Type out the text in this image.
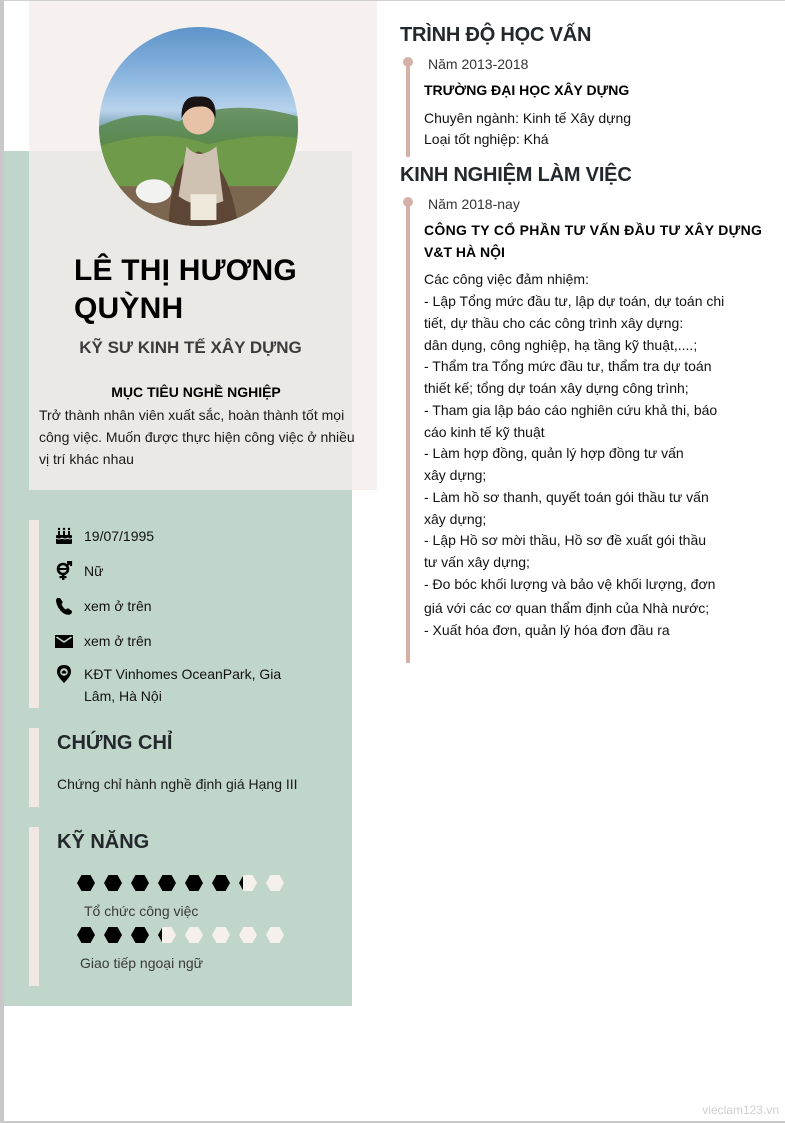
LÊ THỊ HƯƠNG QUỲNH
KỸ SƯ KINH TẾ XÂY DỰNG
MỤC TIÊU NGHỀ NGHIỆP
Trở thành nhân viên xuất sắc, hoàn thành tốt mọi công việc. Muốn được thực hiện công việc ở nhiều vị trí khác nhau
19/07/1995
Nữ
xem ở trên
xem ở trên
KĐT Vinhomes OceanPark, Gia Lâm, Hà Nội
CHỨNG CHỈ
Chứng chỉ hành nghề định giá Hạng III
KỸ NĂNG
Tổ chức công việc
Giao tiếp ngoại ngữ
TRÌNH ĐỘ HỌC VẤN
Năm 2013-2018
TRƯỜNG ĐẠI HỌC XÂY DỰNG
Chuyên ngành: Kinh tế Xây dựng
Loại tốt nghiệp: Khá
KINH NGHIỆM LÀM VIỆC
Năm 2018-nay
CÔNG TY CỔ PHẦN TƯ VẤN ĐẦU TƯ XÂY DỰNG
V&T HÀ NỘI
Các công việc đảm nhiệm:
- Lập Tổng mức đầu tư, lập dự toán, dự toán chi
tiết, dự thầu cho các công trình xây dựng:
dân dụng, công nghiệp, hạ tầng kỹ thuật,....;
- Thẩm tra Tổng mức đầu tư, thẩm tra dự toán
thiết kế; tổng dự toán xây dựng công trình;
- Tham gia lập báo cáo nghiên cứu khả thi, báo
cáo kinh tế kỹ thuật
- Làm hợp đồng, quản lý hợp đồng tư vấn
xây dựng;
- Làm hồ sơ thanh, quyết toán gói thầu tư vấn
xây dựng;
- Lập Hồ sơ mời thầu, Hồ sơ đề xuất gói thầu
tư vấn xây dựng;
- Đo bóc khối lượng và bảo vệ khối lượng, đơn
giá với các cơ quan thẩm định của Nhà nước;
- Xuất hóa đơn, quản lý hóa đơn đầu ra
vieclam123.vn
